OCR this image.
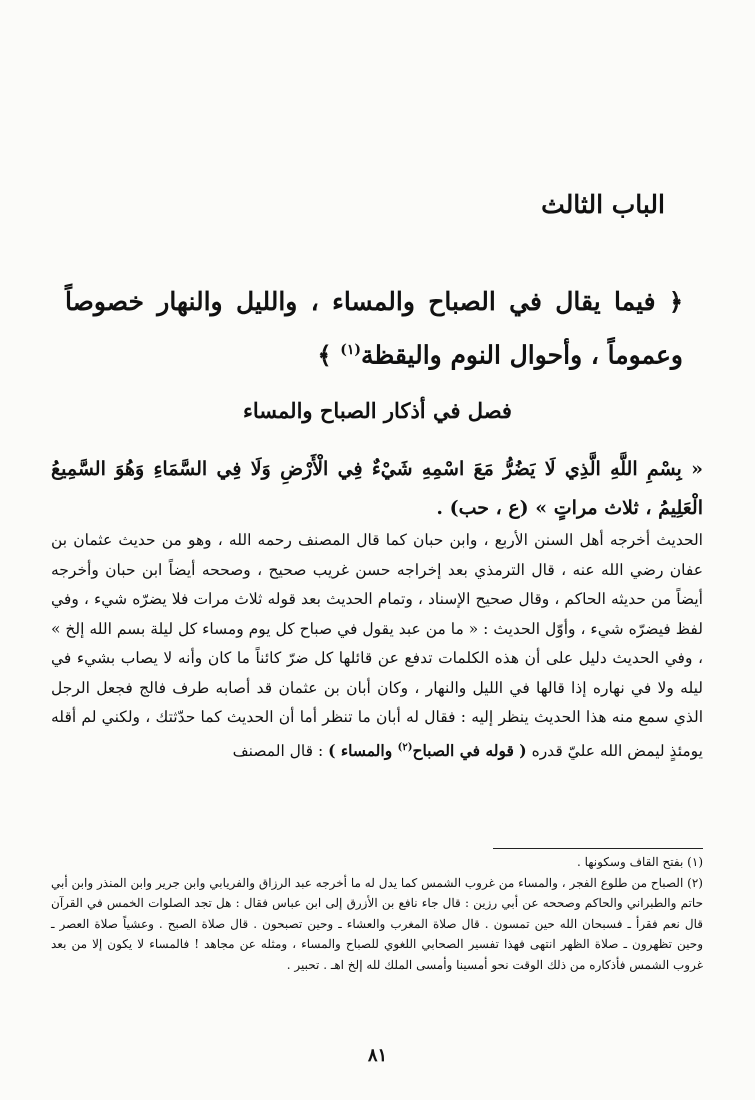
الباب الثالث
﴿ فيما يقال في الصباح والمساء ، والليل والنهار خصوصاً وعموماً ، وأحوال النوم واليقظة$^{(١)}$ ﴾
فصل في أذكار الصباح والمساء
« بِسْمِ اللَّهِ الَّذِي لَا يَضُرُّ مَعَ اسْمِهِ شَيْءٌ فِي الْأَرْضِ وَلَا فِي السَّمَاءِ وَهُوَ السَّمِيعُ الْعَلِيمُ ، ثلاث مراتٍ » (ع ، حب) .

الحديث أخرجه أهل السنن الأربع ، وابن حبان كما قال المصنف رحمه الله ، وهو من حديث عثمان بن عفان رضي الله عنه ، قال الترمذي بعد إخراجه حسن غريب صحيح ، وصححه أيضاً ابن حبان وأخرجه أيضاً من حديثه الحاكم ، وقال صحيح الإسناد ، وتمام الحديث بعد قوله ثلاث مرات فلا يضرّه شيء ، وفي لفظ فيضرّه شيء ، وأوّل الحديث : « ما من عبد يقول في صباح كل يوم ومساء كل ليلة بسم الله إلخ » ، وفي الحديث دليل على أن هذه الكلمات تدفع عن قائلها كل ضرّ كائناً ما كان وأنه لا يصاب بشيء في ليله ولا في نهاره إذا قالها في الليل والنهار ، وكان أبان بن عثمان قد أصابه طرف فالج فجعل الرجل الذي سمع منه هذا الحديث ينظر إليه : فقال له أبان ما تنظر أما أن الحديث كما حدّثتك ، ولكني لم أقله يومئذٍ ليمض الله عليّ قدره ( قوله في الصباح$^{(٢)}$ والمساء ) : قال المصنف

(١) بفتح القاف وسكونها .

(٢) الصباح من طلوع الفجر ، والمساء من غروب الشمس كما يدل له ما أخرجه عبد الرزاق والفريابي وابن جرير وابن المنذر وابن أبي حاتم والطبراني والحاكم وصححه عن أبي رزين : قال جاء نافع بن الأزرق إلى ابن عباس فقال : هل تجد الصلوات الخمس في القرآن قال نعم فقرأ ـ فسبحان الله حين تمسون . قال صلاة المغرب والعشاء ـ وحين تصبحون . قال صلاة الصبح . وعشياً صلاة العصر ـ وحين تظهرون ـ صلاة الظهر انتهى فهذا تفسير الصحابي اللغوي للصباح والمساء ، ومثله عن مجاهد ! فالمساء لا يكون إلا من بعد غروب الشمس فأذكاره من ذلك الوقت نحو أمسينا وأمسى الملك لله إلخ اهـ . تحبير .

٨١
